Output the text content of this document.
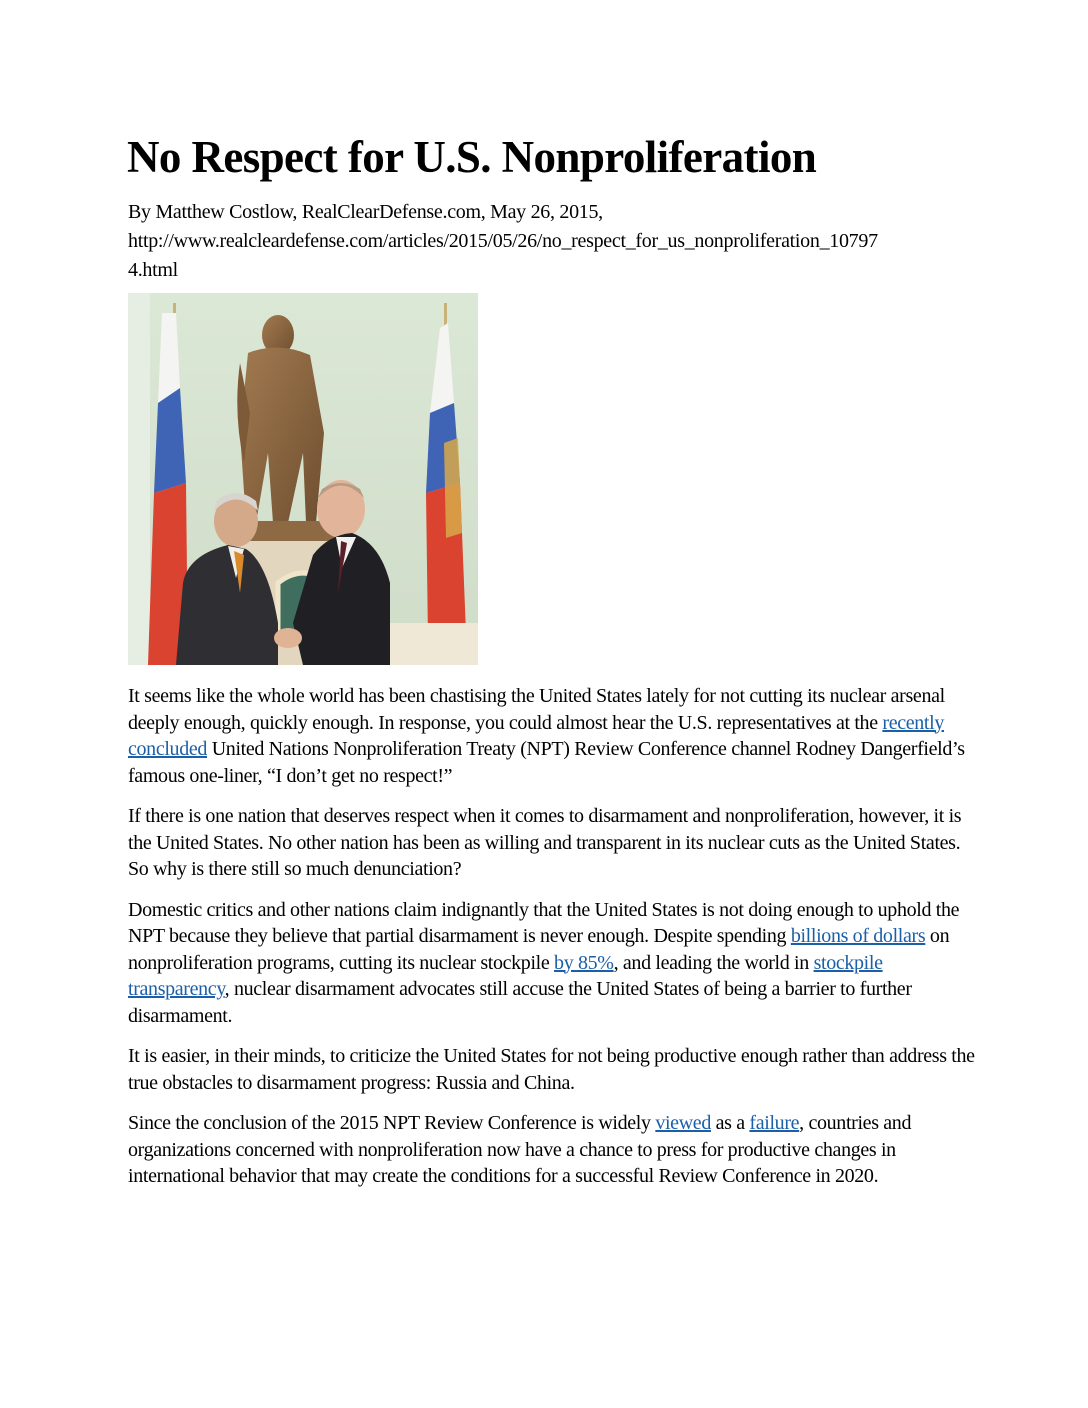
No Respect for U.S. Nonproliferation
By Matthew Costlow, RealClearDefense.com, May 26, 2015,
http://www.realcleardefense.com/articles/2015/05/26/no_respect_for_us_nonproliferation_10797
4.html

It seems like the whole world has been chastising the United States lately for not cutting its nuclear arsenal deeply enough, quickly enough. In response, you could almost hear the U.S. representatives at the recently concluded United Nations Nonproliferation Treaty (NPT) Review Conference channel Rodney Dangerfield’s famous one-liner, “I don’t get no respect!”

If there is one nation that deserves respect when it comes to disarmament and nonproliferation, however, it is the United States. No other nation has been as willing and transparent in its nuclear cuts as the United States. So why is there still so much denunciation?

Domestic critics and other nations claim indignantly that the United States is not doing enough to uphold the NPT because they believe that partial disarmament is never enough. Despite spending billions of dollars on nonproliferation programs, cutting its nuclear stockpile by 85%, and leading the world in stockpile transparency, nuclear disarmament advocates still accuse the United States of being a barrier to further disarmament.

It is easier, in their minds, to criticize the United States for not being productive enough rather than address the true obstacles to disarmament progress: Russia and China.

Since the conclusion of the 2015 NPT Review Conference is widely viewed as a failure, countries and organizations concerned with nonproliferation now have a chance to press for productive changes in international behavior that may create the conditions for a successful Review Conference in 2020.
